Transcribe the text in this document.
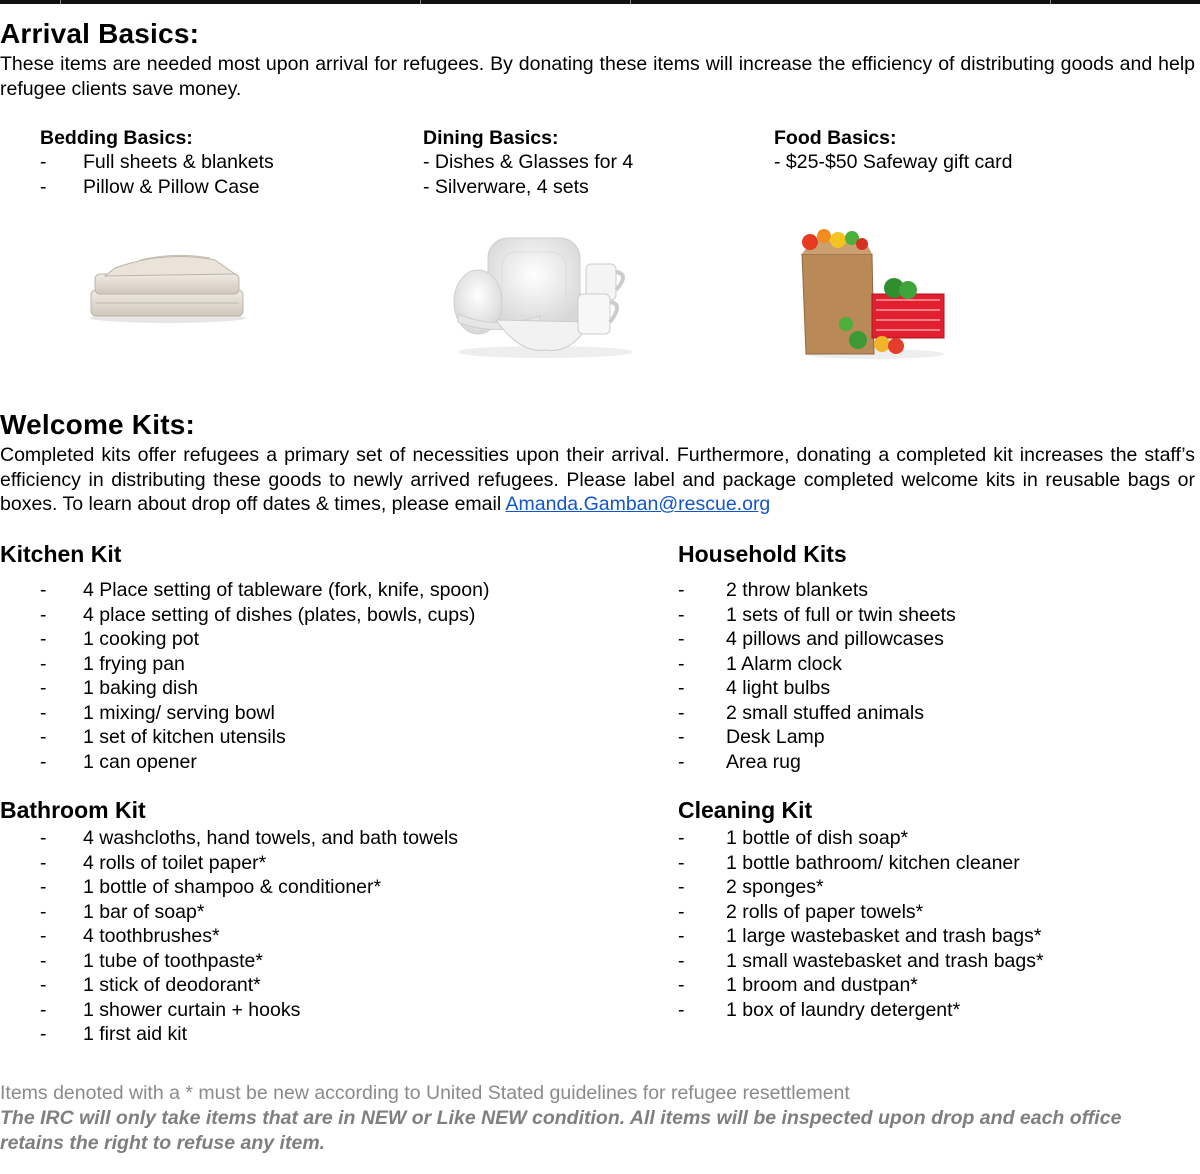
Arrival Basics:

These items are needed most upon arrival for refugees. By donating these items will increase the efficiency of distributing goods and help refugee clients save money.

Bedding Basics:

- Full sheets & blankets
- Pillow & Pillow Case

Dining Basics:

- Dishes & Glasses for 4
- Silverware, 4 sets

Food Basics:

- $25-$50 Safeway gift card
Welcome Kits:

Completed kits offer refugees a primary set of necessities upon their arrival. Furthermore, donating a completed kit increases the staff’s efficiency in distributing these goods to newly arrived refugees. Please label and package completed welcome kits in reusable bags or boxes. To learn about drop off dates & times, please email Amanda.Gamban@rescue.org

Kitchen Kit

- 4 Place setting of tableware (fork, knife, spoon)
- 4 place setting of dishes (plates, bowls, cups)
- 1 cooking pot
- 1 frying pan
- 1 baking dish
- 1 mixing/ serving bowl
- 1 set of kitchen utensils
- 1 can opener

Household Kits

- 2 throw blankets
- 1 sets of full or twin sheets
- 4 pillows and pillowcases
- 1 Alarm clock
- 4 light bulbs
- 2 small stuffed animals
- Desk Lamp
- Area rug

Bathroom Kit

- 4 washcloths, hand towels, and bath towels
- 4 rolls of toilet paper*
- 1 bottle of shampoo & conditioner*
- 1 bar of soap*
- 4 toothbrushes*
- 1 tube of toothpaste*
- 1 stick of deodorant*
- 1 shower curtain + hooks
- 1 first aid kit

Cleaning Kit

- 1 bottle of dish soap*
- 1 bottle bathroom/ kitchen cleaner
- 2 sponges*
- 2 rolls of paper towels*
- 1 large wastebasket and trash bags*
- 1 small wastebasket and trash bags*
- 1 broom and dustpan*
- 1 box of laundry detergent*

Items denoted with a * must be new according to United Stated guidelines for refugee resettlement

The IRC will only take items that are in NEW or Like NEW condition. All items will be inspected upon drop and each office retains the right to refuse any item.
